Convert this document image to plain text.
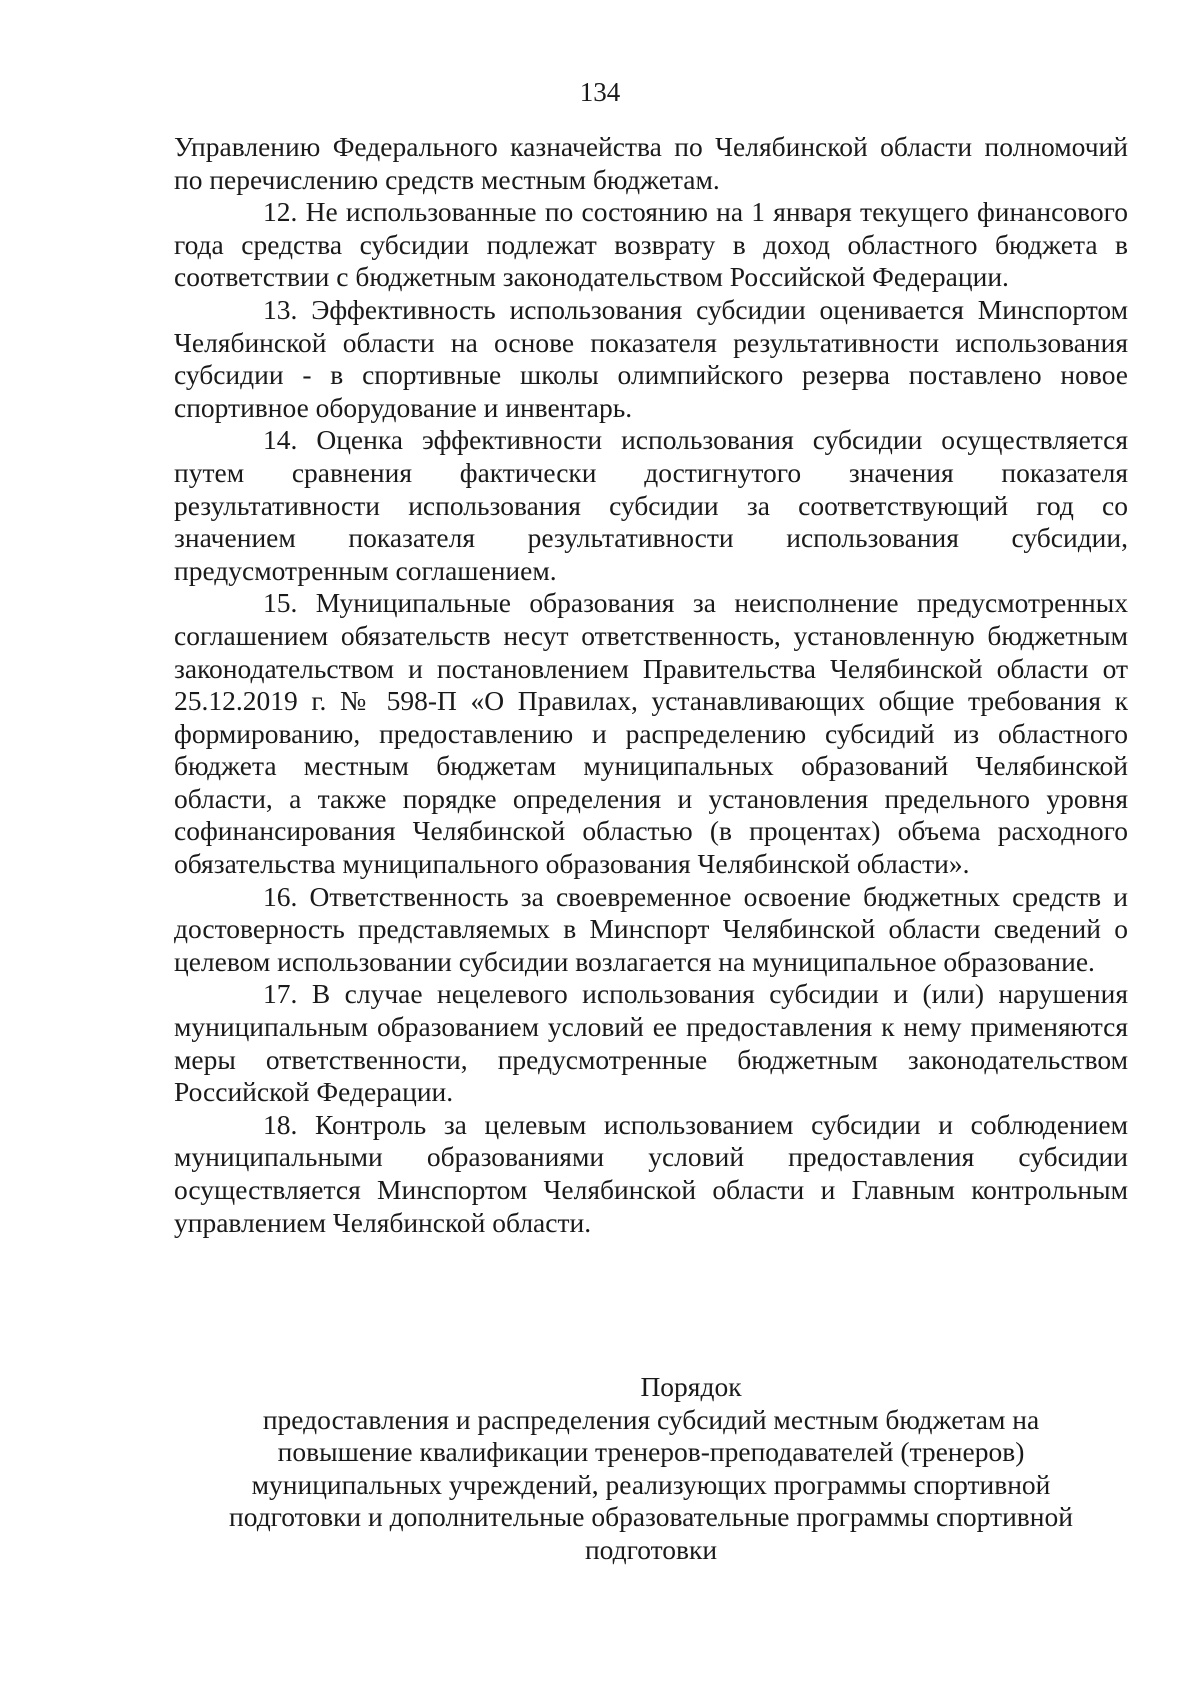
134

Управлению Федерального казначейства по Челябинской области полномочий по перечислению средств местным бюджетам.

12. Не использованные по состоянию на 1 января текущего финансового года средства субсидии подлежат возврату в доход областного бюджета в соответствии с бюджетным законодательством Российской Федерации.

13. Эффективность использования субсидии оценивается Минспортом Челябинской области на основе показателя результативности использования субсидии - в спортивные школы олимпийского резерва поставлено новое спортивное оборудование и инвентарь.

14. Оценка эффективности использования субсидии осуществляется путем сравнения фактически достигнутого значения показателя результативности использования субсидии за соответствующий год со значением показателя результативности использования субсидии, предусмотренным соглашением.

15. Муниципальные образования за неисполнение предусмотренных соглашением обязательств несут ответственность, установленную бюджетным законодательством и постановлением Правительства Челябинской области от 25.12.2019 г. № 598-П «О Правилах, устанавливающих общие требования к формированию, предоставлению и распределению субсидий из областного бюджета местным бюджетам муниципальных образований Челябинской области, а также порядке определения и установления предельного уровня софинансирования Челябинской областью (в процентах) объема расходного обязательства муниципального образования Челябинской области».

16. Ответственность за своевременное освоение бюджетных средств и достоверность представляемых в Минспорт Челябинской области сведений о целевом использовании субсидии возлагается на муниципальное образование.

17. В случае нецелевого использования субсидии и (или) нарушения муниципальным образованием условий ее предоставления к нему применяются меры ответственности, предусмотренные бюджетным законодательством Российской Федерации.

18. Контроль за целевым использованием субсидии и соблюдением муниципальными образованиями условий предоставления субсидии осуществляется Минспортом Челябинской области и Главным контрольным управлением Челябинской области.

Порядок
предоставления и распределения субсидий местным бюджетам на повышение квалификации тренеров-преподавателей (тренеров) муниципальных учреждений, реализующих программы спортивной подготовки и дополнительные образовательные программы спортивной подготовки
